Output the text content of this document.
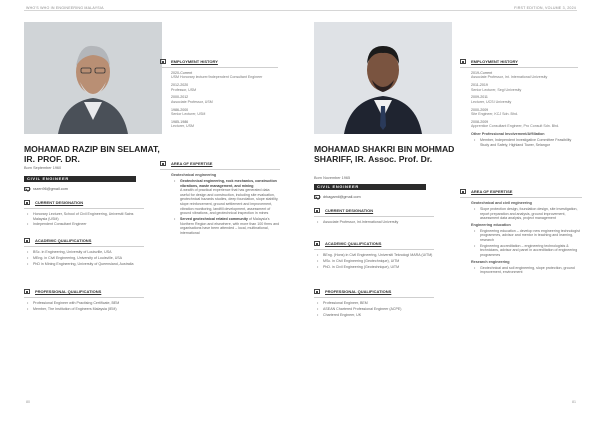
WHO'S WHO IN ENGINEERING MALAYSIA	FIRST EDITION, VOLUME 3, 2024
MOHAMAD RAZIP BIN SELAMAT, IR. PROF. DR.
Born September 1960
CIVIL ENGINEER
razen96@gmail.com
CURRENT DESIGNATION
• Honorary Lecturer, School of Civil Engineering, Universiti Sains Malaysia (USM)
• Independent Consultant Engineer
ACADEMIC QUALIFICATIONS
• BSc. in Engineering, University of Louisville, USA
• MEng. in Civil Engineering, University of Louisville, USA
• PhD in Mining Engineering, University of Queensland, Australia
PROFESSIONAL QUALIFICATIONS
• Professional Engineer with Practising Certificate, BEM
• Member, The Institution of Engineers Malaysia (IEM)
EMPLOYMENT HISTORY
2020-Current
USM Honorary lecturer/Independent Consultant Engineer
2012-2020
Professor, USM
2000-2012
Associate Professor, USM
1986-2000
Senior Lecturer, USM
1985-1986
Lecturer, USM
AREA OF EXPERTISE
Geotechnical engineering
• Geotechnical engineering, rock mechanics, construction vibrations, waste management, and mining
A wealth of practical experience that has generated data useful for design and construction, including site evaluation, geotechnical hazards studies, deep foundation, slope stability, slope reinforcement, ground settlement and improvement, vibration monitoring, landfill development, assessment of ground vibrations, and geotechnical inspection in mines
• Served geotechnical related community of Malaysia's Northern Region and elsewhere, with more than 100 firms and organisations have been attended – local, multinational, international
80
MOHAMAD SHAKRI BIN MOHMAD SHARIFF, IR. Assoc. Prof. Dr.
Born November 1965
CIVIL ENGINEER
drkagamii@gmail.com
CURRENT DESIGNATION
• Associate Professor, Int.International University
ACADEMIC QUALIFICATIONS
• BEng. (Hons) in Civil Engineering, Universiti Teknologi MARA (UiTM)
• MSc. in Civil Engineering (Geotechnique), UiTM
• PhD. in Civil Engineering (Geotechnique), UiTM
PROFESSIONAL QUALIFICATIONS
• Professional Engineer, BEM
• ASEAN Chartered Professional Engineer (ACPE)
• Chartered Engineer, UK
EMPLOYMENT HISTORY
2019-Current
Associate Professor, Int. International University
2011-2019
Senior Lecturer, Segi University
2009-2011
Lecturer, UCSI University
2000-2009
Site Engineer, KCJ Sdn. Bhd.
2008-2009
Apprentice Consultant Engineer, Pro Consult Sdn. Bhd.
Other Professional Involvement/Affiliation
• Member, Independent Investigative Committee Feasibility Study and Safety, Highland Tower, Selangor
AREA OF EXPERTISE
Geotechnical and civil engineering
• Slope protection design, foundation design, site investigation, report preparation and analysis, ground improvement, assessment data analysis, project management
Engineering education
• Engineering education – develop new engineering technologist programmes, advisor and mentor in teaching and learning, research
• Engineering accreditation – engineering technologists & technicians, advisor and panel in accreditation of engineering programmes
Research engineering
• Geotechnical and soil engineering, slope protection, ground improvement, environment
81
